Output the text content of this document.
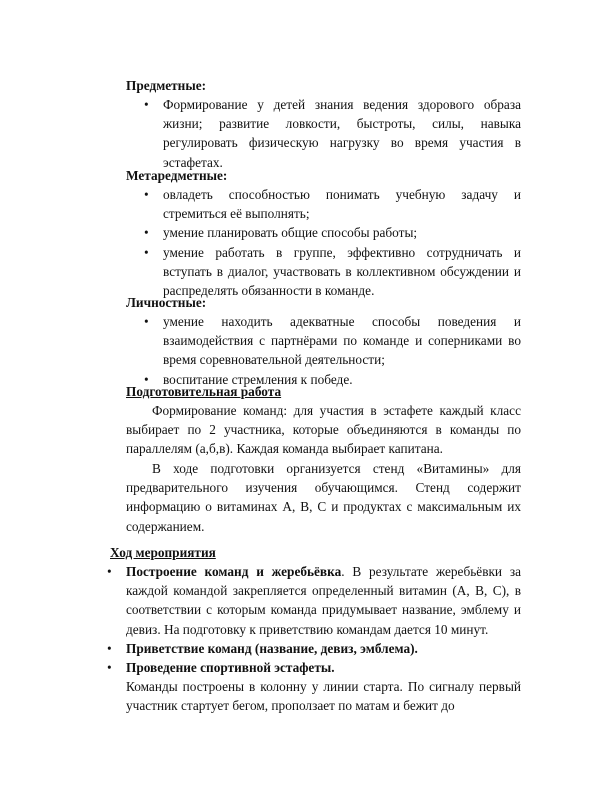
Предметные:
• Формирование у детей знания ведения здорового образа жизни; развитие ловкости, быстроты, силы, навыка регулировать физическую нагрузку во время участия в эстафетах.
Метаредметные:
• овладеть способностью понимать учебную задачу и стремиться её выполнять;
• умение планировать общие способы работы;
• умение работать в группе, эффективно сотрудничать и вступать в диалог, участвовать в коллективном обсуждении и распределять обязанности в команде.
Личностные:
• умение находить адекватные способы поведения и взаимодействия с партнёрами по команде и соперниками во время соревновательной деятельности;
• воспитание стремления к победе.
Подготовительная работа
Формирование команд: для участия в эстафете каждый класс выбирает по 2 участника, которые объединяются в команды по параллелям (а,б,в). Каждая команда выбирает капитана.
В ходе подготовки организуется стенд «Витамины» для предварительного изучения обучающимся. Стенд содержит информацию о витаминах А, В, С и продуктах с максимальным их содержанием.
Ход мероприятия
• Построение команд и жеребьёвка. В результате жеребьёвки за каждой командой закрепляется определенный витамин (А, В, С), в соответствии с которым команда придумывает название, эмблему и девиз. На подготовку к приветствию командам дается 10 минут.
• Приветствие команд (название, девиз, эмблема).
• Проведение спортивной эстафеты.
Команды построены в колонну у линии старта. По сигналу первый участник стартует бегом, проползает по матам и бежит до
